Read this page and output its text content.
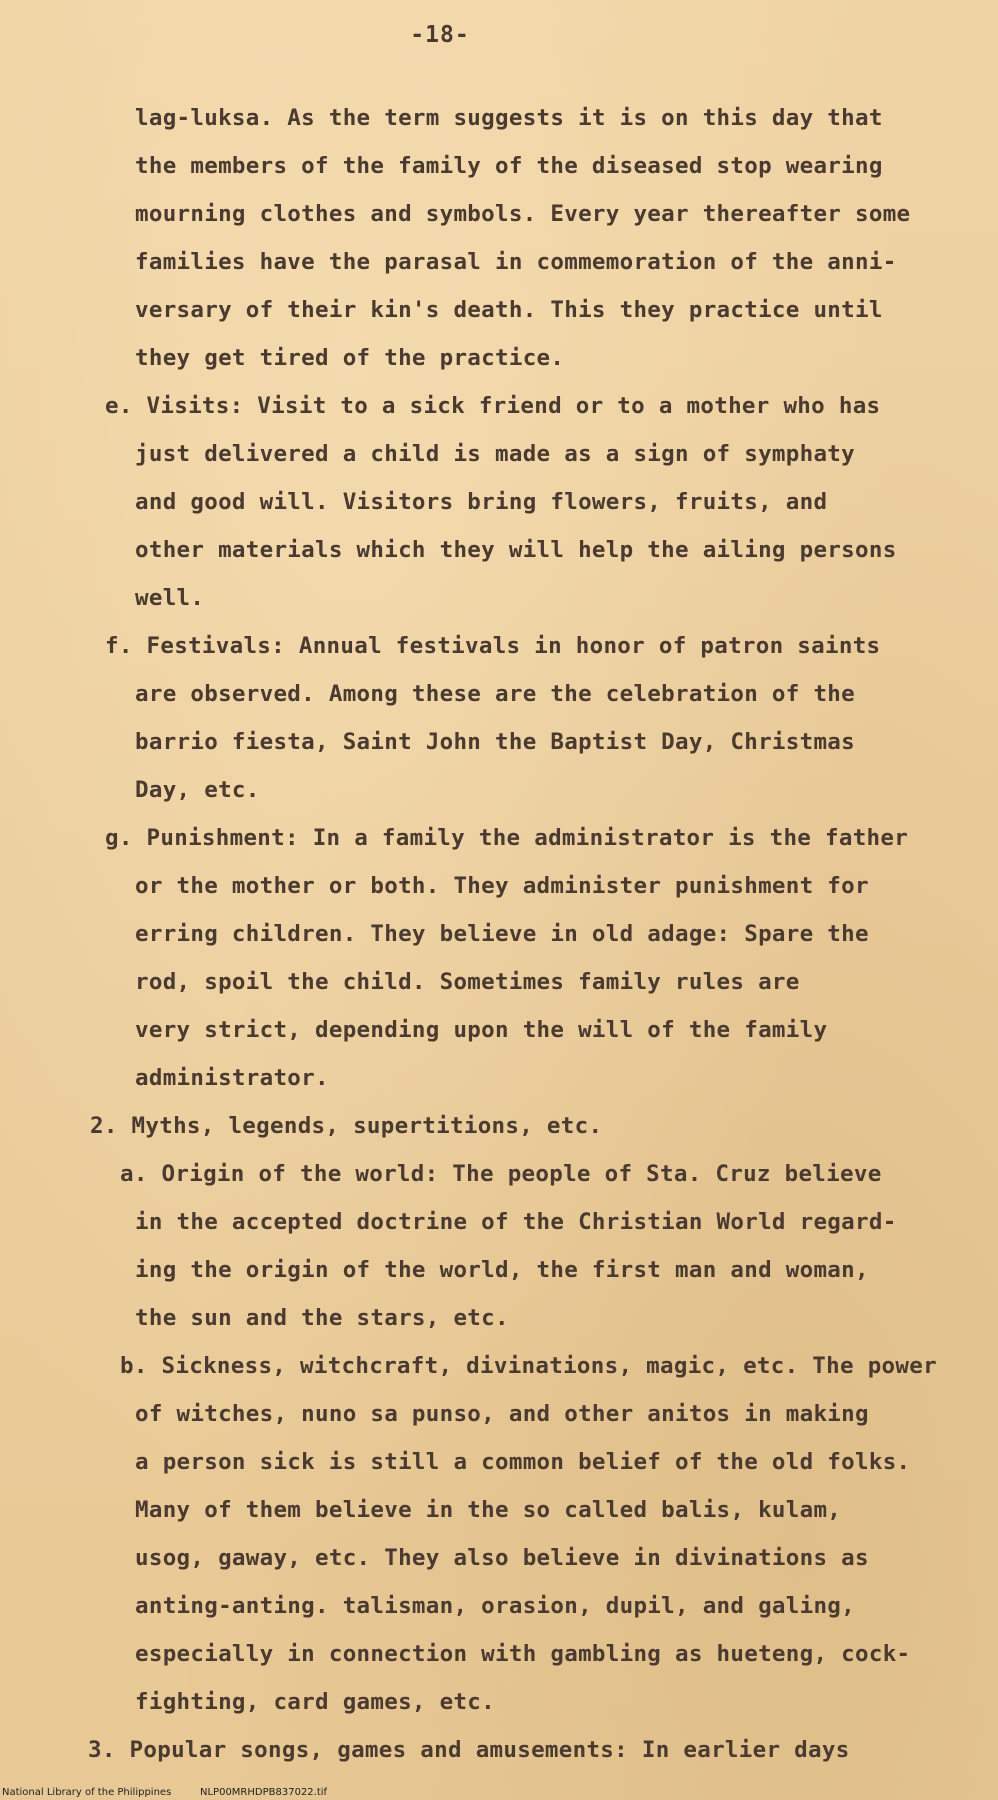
-18-
lag-luksa. As the term suggests it is on this day that
the members of the family of the diseased stop wearing
mourning clothes and symbols. Every year thereafter some
families have the parasal in commemoration of the anni-
versary of their kin's death. This they practice until
they get tired of the practice.
e. Visits: Visit to a sick friend or to a mother who has
just delivered a child is made as a sign of symphaty
and good will. Visitors bring flowers, fruits, and
other materials which they will help the ailing persons
well.
f. Festivals: Annual festivals in honor of patron saints
are observed. Among these are the celebration of the
barrio fiesta, Saint John the Baptist Day, Christmas
Day, etc.
g. Punishment: In a family the administrator is the father
or the mother or both. They administer punishment for
erring children. They believe in old adage: Spare the
rod, spoil the child. Sometimes family rules are
very strict, depending upon the will of the family
administrator.
2. Myths, legends, supertitions, etc.
a. Origin of the world: The people of Sta. Cruz believe
in the accepted doctrine of the Christian World regard-
ing the origin of the world, the first man and woman,
the sun and the stars, etc.
b. Sickness, witchcraft, divinations, magic, etc. The power
of witches, nuno sa punso, and other anitos in making
a person sick is still a common belief of the old folks.
Many of them believe in the so called balis, kulam,
usog, gaway, etc. They also believe in divinations as
anting-anting. talisman, orasion, dupil, and galing,
especially in connection with gambling as hueteng, cock-
fighting, card games, etc.
3. Popular songs, games and amusements: In earlier days
National Library of the Philippines	NLP00MRHDPB837022.tif
